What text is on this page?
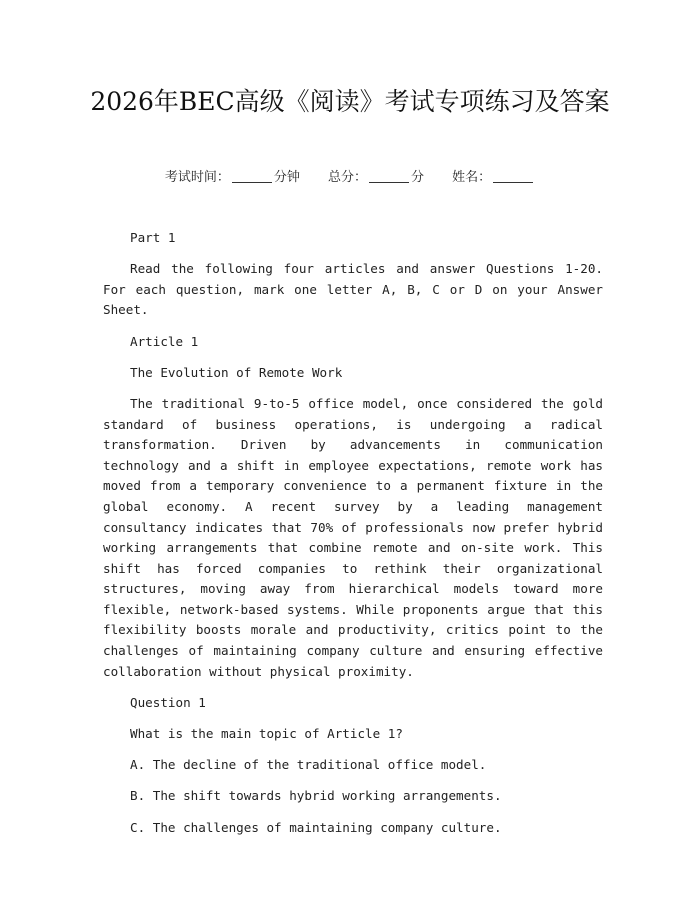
2026年BEC高级《阅读》考试专项练习及答案
考试时间：	分钟 总分：	分 姓名：

Part 1

Read the following four articles and answer Questions 1-20. For each question, mark one letter A, B, C or D on your Answer Sheet.

Article 1

The Evolution of Remote Work

The traditional 9-to-5 office model, once considered the gold standard of business operations, is undergoing a radical transformation. Driven by advancements in communication technology and a shift in employee expectations, remote work has moved from a temporary convenience to a permanent fixture in the global economy. A recent survey by a leading management consultancy indicates that 70% of professionals now prefer hybrid working arrangements that combine remote and on-site work. This shift has forced companies to rethink their organizational structures, moving away from hierarchical models toward more flexible, network-based systems. While proponents argue that this flexibility boosts morale and productivity, critics point to the challenges of maintaining company culture and ensuring effective collaboration without physical proximity.

Question 1

What is the main topic of Article 1?

A. The decline of the traditional office model.

B. The shift towards hybrid working arrangements.

C. The challenges of maintaining company culture.
